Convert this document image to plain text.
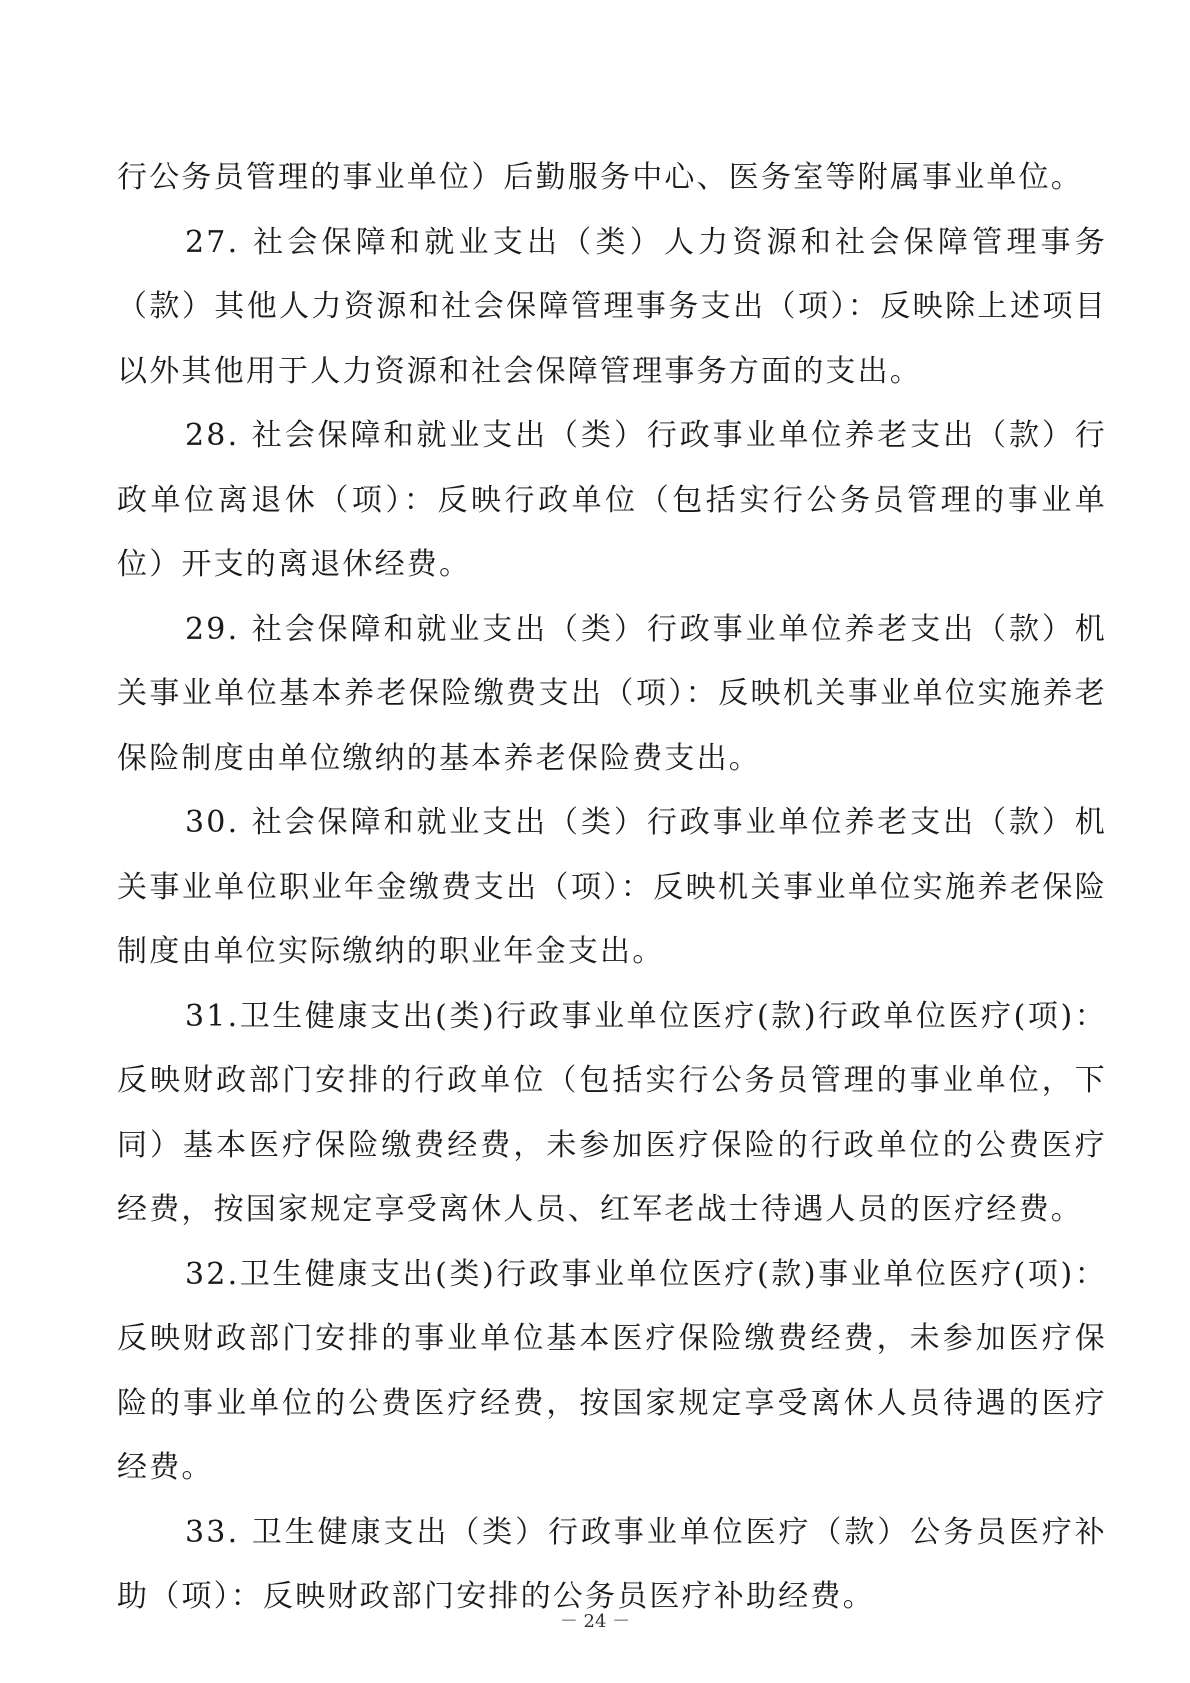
行公务员管理的事业单位）后勤服务中心、医务室等附属事业单位。

27. 社会保障和就业支出（类）人力资源和社会保障管理事务（款）其他人力资源和社会保障管理事务支出（项）：反映除上述项目以外其他用于人力资源和社会保障管理事务方面的支出。

28. 社会保障和就业支出（类）行政事业单位养老支出（款）行政单位离退休（项）：反映行政单位（包括实行公务员管理的事业单位）开支的离退休经费。

29. 社会保障和就业支出（类）行政事业单位养老支出（款）机关事业单位基本养老保险缴费支出（项）：反映机关事业单位实施养老保险制度由单位缴纳的基本养老保险费支出。

30. 社会保障和就业支出（类）行政事业单位养老支出（款）机关事业单位职业年金缴费支出（项）：反映机关事业单位实施养老保险制度由单位实际缴纳的职业年金支出。

31.卫生健康支出(类)行政事业单位医疗(款)行政单位医疗(项)：反映财政部门安排的行政单位（包括实行公务员管理的事业单位，下同）基本医疗保险缴费经费，未参加医疗保险的行政单位的公费医疗经费，按国家规定享受离休人员、红军老战士待遇人员的医疗经费。

32.卫生健康支出(类)行政事业单位医疗(款)事业单位医疗(项)：反映财政部门安排的事业单位基本医疗保险缴费经费，未参加医疗保险的事业单位的公费医疗经费，按国家规定享受离休人员待遇的医疗经费。

33. 卫生健康支出（类）行政事业单位医疗（款）公务员医疗补助（项）：反映财政部门安排的公务员医疗补助经费。

－ 24 －
